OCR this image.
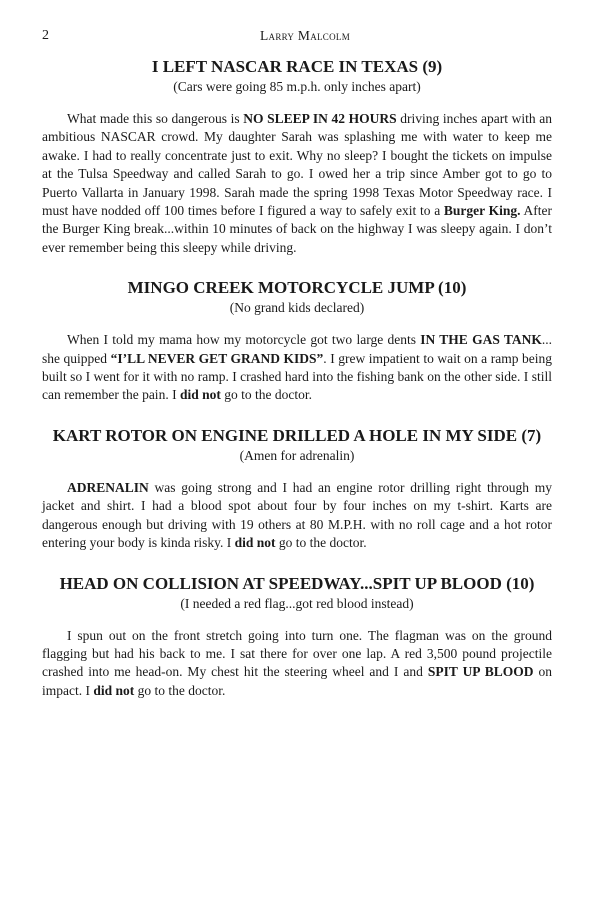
2	Larry Malcolm
I LEFT NASCAR RACE IN TEXAS (9)
(Cars were going 85 m.p.h. only inches apart)

What made this so dangerous is NO SLEEP IN 42 HOURS driving inches apart with an ambitious NASCAR crowd. My daughter Sarah was splashing me with water to keep me awake. I had to really concentrate just to exit. Why no sleep? I bought the tickets on impulse at the Tulsa Speedway and called Sarah to go. I owed her a trip since Amber got to go to Puerto Vallarta in January 1998. Sarah made the spring 1998 Texas Motor Speedway race. I must have nodded off 100 times before I figured a way to safely exit to a Burger King. After the Burger King break...within 10 minutes of back on the highway I was sleepy again. I don’t ever remember being this sleepy while driving.

MINGO CREEK MOTORCYCLE JUMP (10)
(No grand kids declared)

When I told my mama how my motorcycle got two large dents IN THE GAS TANK... she quipped “I’LL NEVER GET GRAND KIDS”. I grew impatient to wait on a ramp being built so I went for it with no ramp. I crashed hard into the fishing bank on the other side. I still can remember the pain. I did not go to the doctor.

KART ROTOR ON ENGINE DRILLED A HOLE IN MY SIDE (7)
(Amen for adrenalin)

ADRENALIN was going strong and I had an engine rotor drilling right through my jacket and shirt. I had a blood spot about four by four inches on my t-shirt. Karts are dangerous enough but driving with 19 others at 80 M.P.H. with no roll cage and a hot rotor entering your body is kinda risky. I did not go to the doctor.

HEAD ON COLLISION AT SPEEDWAY...SPIT UP BLOOD (10)
(I needed a red flag...got red blood instead)

I spun out on the front stretch going into turn one. The flagman was on the ground flagging but had his back to me. I sat there for over one lap. A red 3,500 pound projectile crashed into me head-on. My chest hit the steering wheel and I and SPIT UP BLOOD on impact. I did not go to the doctor.
